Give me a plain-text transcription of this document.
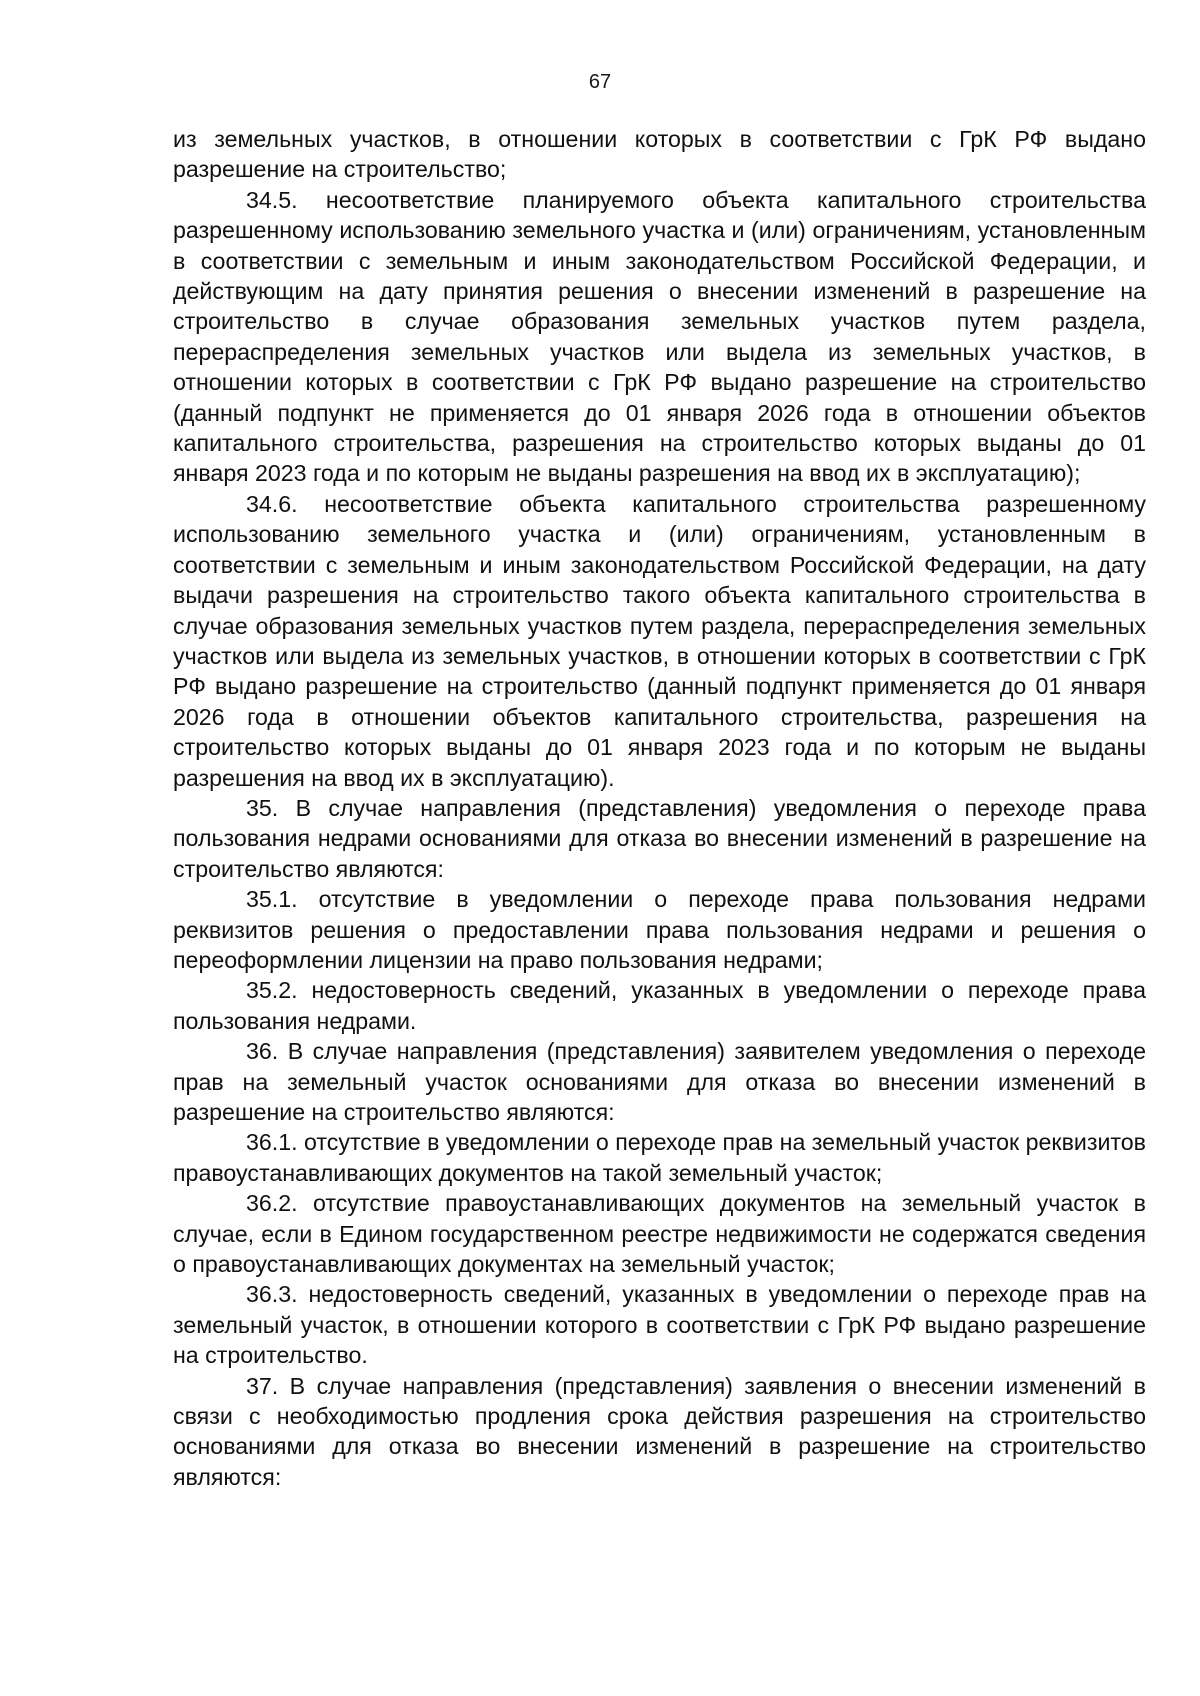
67

из земельных участков, в отношении которых в соответствии с ГрК РФ выдано разрешение на строительство;

34.5. несоответствие планируемого объекта капитального строительства разрешенному использованию земельного участка и (или) ограничениям, установленным в соответствии с земельным и иным законодательством Российской Федерации, и действующим на дату принятия решения о внесении изменений в разрешение на строительство в случае образования земельных участков путем раздела, перераспределения земельных участков или выдела из земельных участков, в отношении которых в соответствии с ГрК РФ выдано разрешение на строительство (данный подпункт не применяется до 01 января 2026 года в отношении объектов капитального строительства, разрешения на строительство которых выданы до 01 января 2023 года и по которым не выданы разрешения на ввод их в эксплуатацию);

34.6. несоответствие объекта капитального строительства разрешенному использованию земельного участка и (или) ограничениям, установленным в соответствии с земельным и иным законодательством Российской Федерации, на дату выдачи разрешения на строительство такого объекта капитального строительства в случае образования земельных участков путем раздела, перераспределения земельных участков или выдела из земельных участков, в отношении которых в соответствии с ГрК РФ выдано разрешение на строительство (данный подпункт применяется до 01 января 2026 года в отношении объектов капитального строительства, разрешения на строительство которых выданы до 01 января 2023 года и по которым не выданы разрешения на ввод их в эксплуатацию).

35. В случае направления (представления) уведомления о переходе права пользования недрами основаниями для отказа во внесении изменений в разрешение на строительство являются:

35.1. отсутствие в уведомлении о переходе права пользования недрами реквизитов решения о предоставлении права пользования недрами и решения о переоформлении лицензии на право пользования недрами;

35.2. недостоверность сведений, указанных в уведомлении о переходе права пользования недрами.

36. В случае направления (представления) заявителем уведомления о переходе прав на земельный участок основаниями для отказа во внесении изменений в разрешение на строительство являются:

36.1. отсутствие в уведомлении о переходе прав на земельный участок реквизитов правоустанавливающих документов на такой земельный участок;

36.2. отсутствие правоустанавливающих документов на земельный участок в случае, если в Едином государственном реестре недвижимости не содержатся сведения о правоустанавливающих документах на земельный участок;

36.3. недостоверность сведений, указанных в уведомлении о переходе прав на земельный участок, в отношении которого в соответствии с ГрК РФ выдано разрешение на строительство.

37. В случае направления (представления) заявления о внесении изменений в связи с необходимостью продления срока действия разрешения на строительство основаниями для отказа во внесении изменений в разрешение на строительство являются:
